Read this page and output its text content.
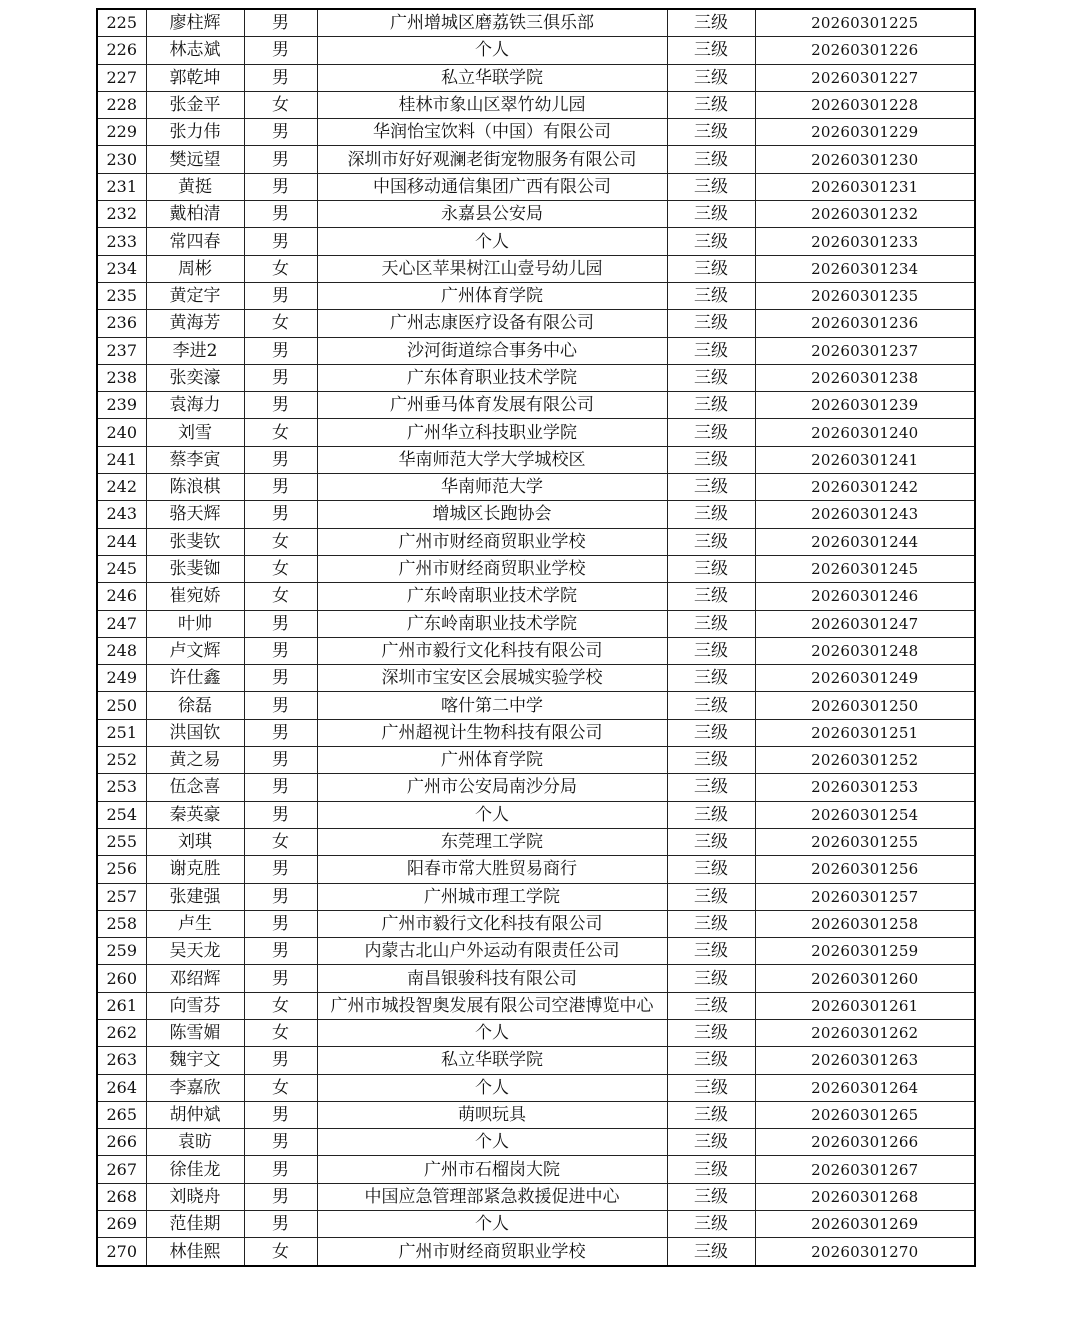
225	廖柱辉	男	广州增城区磨荔铁三俱乐部	三级	20260301225
226	林志斌	男	个人	三级	20260301226
227	郭乾坤	男	私立华联学院	三级	20260301227
228	张金平	女	桂林市象山区翠竹幼儿园	三级	20260301228
229	张力伟	男	华润怡宝饮料（中国）有限公司	三级	20260301229
230	樊远望	男	深圳市好好观澜老街宠物服务有限公司	三级	20260301230
231	黄挺	男	中国移动通信集团广西有限公司	三级	20260301231
232	戴柏清	男	永嘉县公安局	三级	20260301232
233	常四春	男	个人	三级	20260301233
234	周彬	女	天心区苹果树江山壹号幼儿园	三级	20260301234
235	黄定宇	男	广州体育学院	三级	20260301235
236	黄海芳	女	广州志康医疗设备有限公司	三级	20260301236
237	李进2	男	沙河街道综合事务中心	三级	20260301237
238	张奕濠	男	广东体育职业技术学院	三级	20260301238
239	袁海力	男	广州垂马体育发展有限公司	三级	20260301239
240	刘雪	女	广州华立科技职业学院	三级	20260301240
241	蔡李寅	男	华南师范大学大学城校区	三级	20260301241
242	陈浪棋	男	华南师范大学	三级	20260301242
243	骆天辉	男	增城区长跑协会	三级	20260301243
244	张斐钦	女	广州市财经商贸职业学校	三级	20260301244
245	张斐铷	女	广州市财经商贸职业学校	三级	20260301245
246	崔宛娇	女	广东岭南职业技术学院	三级	20260301246
247	叶帅	男	广东岭南职业技术学院	三级	20260301247
248	卢文辉	男	广州市毅行文化科技有限公司	三级	20260301248
249	许仕鑫	男	深圳市宝安区会展城实验学校	三级	20260301249
250	徐磊	男	喀什第二中学	三级	20260301250
251	洪国钦	男	广州超视计生物科技有限公司	三级	20260301251
252	黄之易	男	广州体育学院	三级	20260301252
253	伍念喜	男	广州市公安局南沙分局	三级	20260301253
254	秦英豪	男	个人	三级	20260301254
255	刘琪	女	东莞理工学院	三级	20260301255
256	谢克胜	男	阳春市常大胜贸易商行	三级	20260301256
257	张建强	男	广州城市理工学院	三级	20260301257
258	卢生	男	广州市毅行文化科技有限公司	三级	20260301258
259	吴天龙	男	内蒙古北山户外运动有限责任公司	三级	20260301259
260	邓绍辉	男	南昌银骏科技有限公司	三级	20260301260
261	向雪芬	女	广州市城投智奥发展有限公司空港博览中心	三级	20260301261
262	陈雪媚	女	个人	三级	20260301262
263	魏宇文	男	私立华联学院	三级	20260301263
264	李嘉欣	女	个人	三级	20260301264
265	胡仲斌	男	萌呗玩具	三级	20260301265
266	袁昉	男	个人	三级	20260301266
267	徐佳龙	男	广州市石榴岗大院	三级	20260301267
268	刘晓舟	男	中国应急管理部紧急救援促进中心	三级	20260301268
269	范佳期	男	个人	三级	20260301269
270	林佳熙	女	广州市财经商贸职业学校	三级	20260301270
